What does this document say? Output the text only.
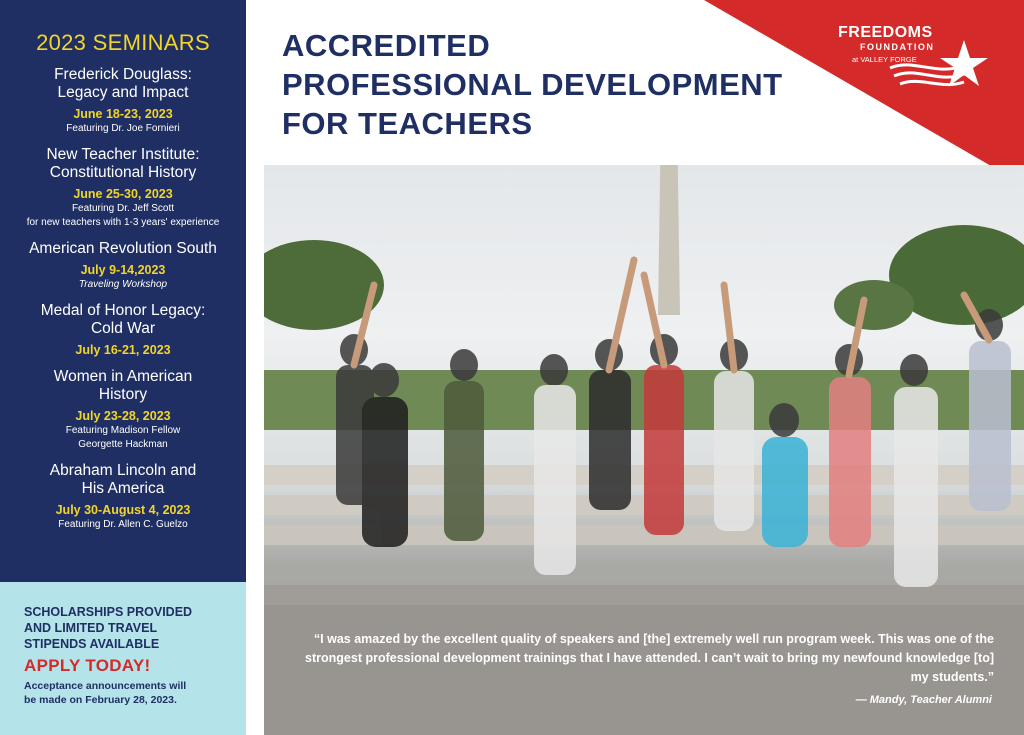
2023 SEMINARS
Frederick Douglass:
Legacy and Impact
June 18-23, 2023
Featuring Dr. Joe Fornieri
New Teacher Institute:
Constitutional History
June 25-30, 2023
Featuring Dr. Jeff Scott
for new teachers with 1-3 years' experience
American Revolution South
July 9-14,2023
Traveling Workshop
Medal of Honor Legacy:
Cold War
July 16-21, 2023
Women in American
History
July 23-28, 2023
Featuring Madison Fellow
Georgette Hackman
Abraham Lincoln and
His America
July 30-August 4, 2023
Featuring Dr. Allen C. Guelzo
SCHOLARSHIPS PROVIDED
AND LIMITED TRAVEL
STIPENDS AVAILABLE
APPLY TODAY!
Acceptance announcements will
be made on February 28, 2023.
ACCREDITED
PROFESSIONAL DEVELOPMENT
FOR TEACHERS
FREEDOMS
FOUNDATION
at VALLEY FORGE
“I was amazed by the excellent quality of speakers and [the] extremely well run program week. This was one of the strongest professional development trainings that I have attended. I can’t wait to bring my newfound knowledge [to] my students.”
— Mandy, Teacher Alumni
